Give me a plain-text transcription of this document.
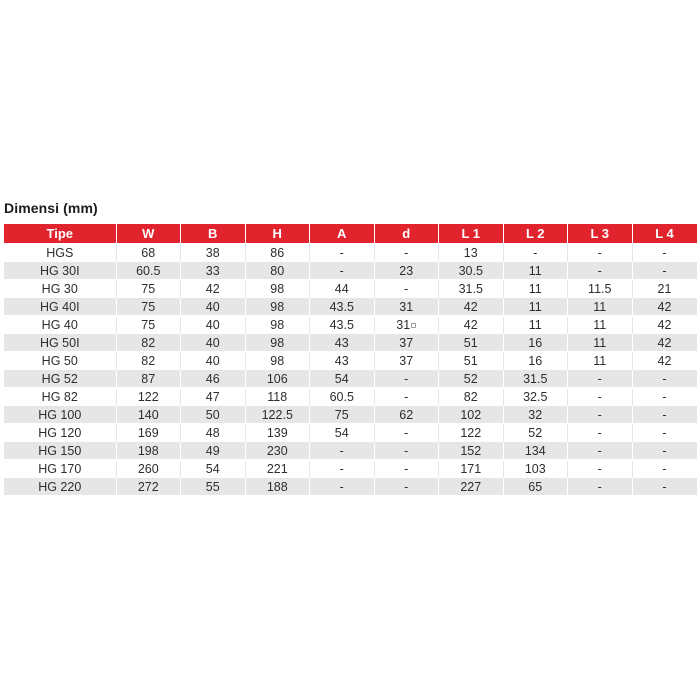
Dimensi (mm)
Tipe	W	B	H	A	d	L 1	L 2	L 3	L 4
HGS	68	38	86	-	-	13	-	-	-
HG 30I	60.5	33	80	-	23	30.5	11	-	-
HG 30	75	42	98	44	-	31.5	11	11.5	21
HG 40I	75	40	98	43.5	31	42	11	11	42
HG 40	75	40	98	43.5	31	42	11	11	42
HG 50I	82	40	98	43	37	51	16	11	42
HG 50	82	40	98	43	37	51	16	11	42
HG 52	87	46	106	54	-	52	31.5	-	-
HG 82	122	47	118	60.5	-	82	32.5	-	-
HG 100	140	50	122.5	75	62	102	32	-	-
HG 120	169	48	139	54	-	122	52	-	-
HG 150	198	49	230	-	-	152	134	-	-
HG 170	260	54	221	-	-	171	103	-	-
HG 220	272	55	188	-	-	227	65	-	-
